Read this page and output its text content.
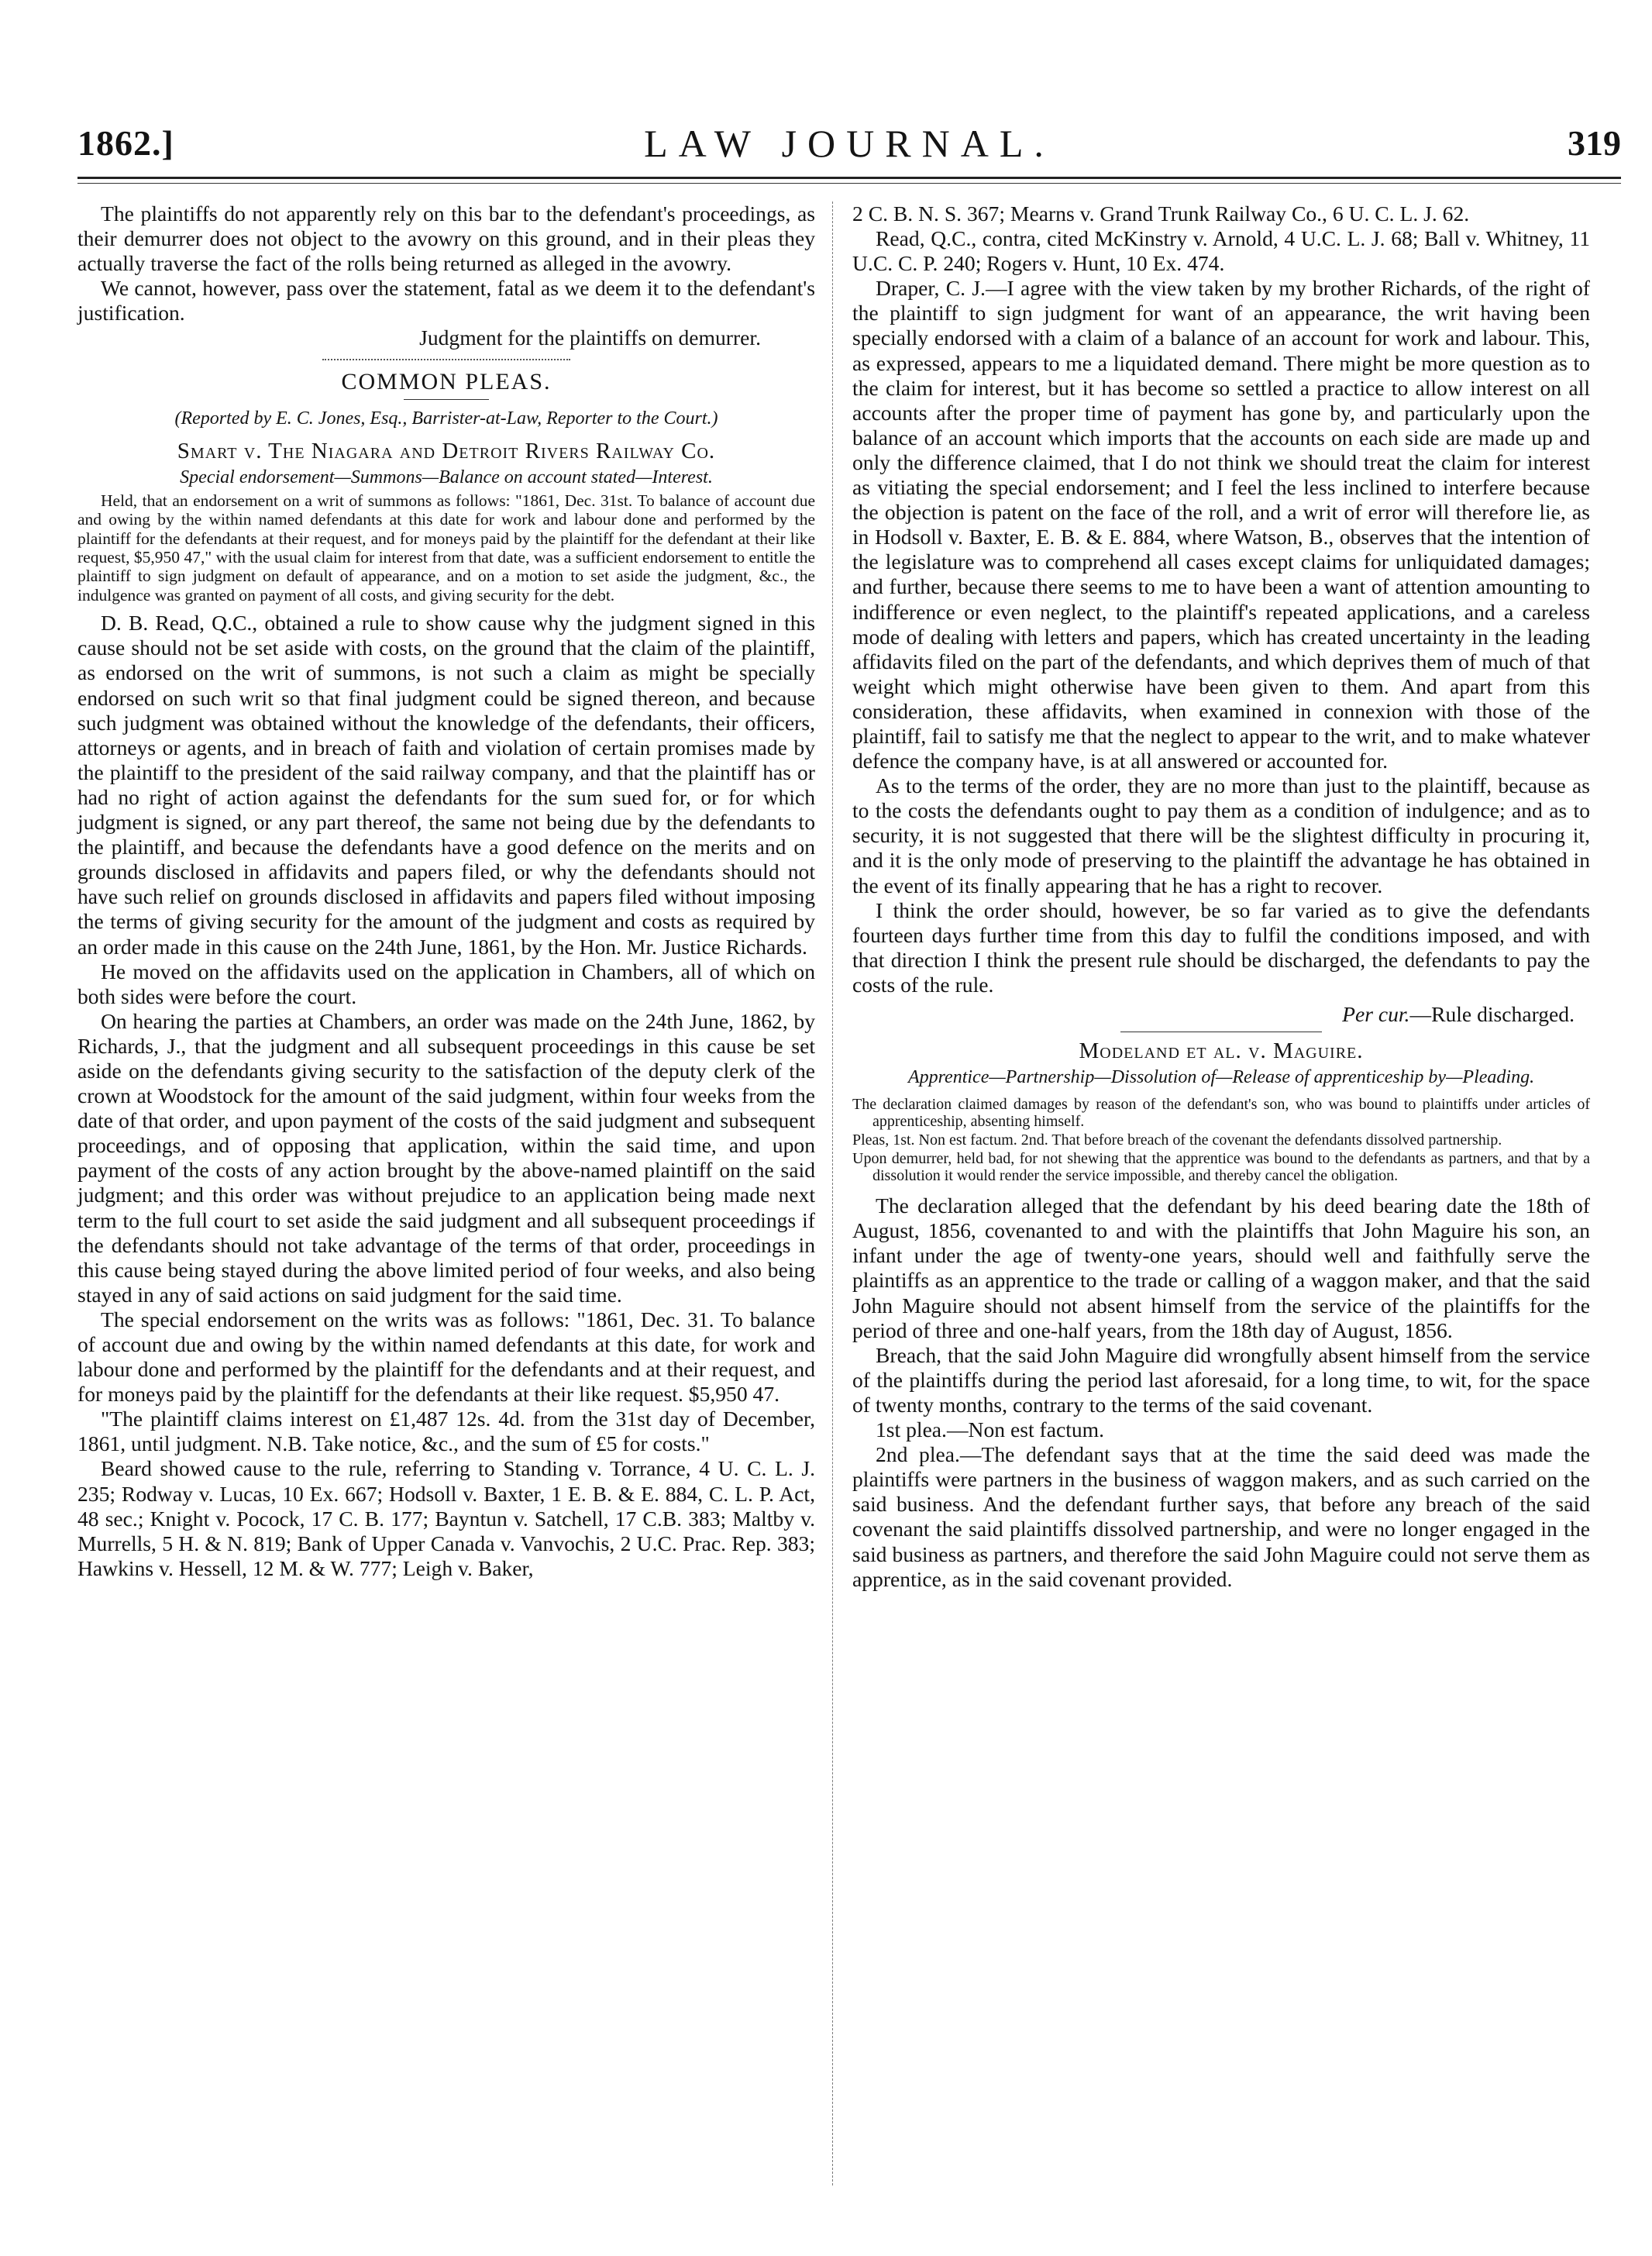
1862.]	LAW JOURNAL.	319

The plaintiffs do not apparently rely on this bar to the defendant's proceedings, as their demurrer does not object to the avowry on this ground, and in their pleas they actually traverse the fact of the rolls being returned as alleged in the avowry.

We cannot, however, pass over the statement, fatal as we deem it to the defendant's justification.

Judgment for the plaintiffs on demurrer.

COMMON PLEAS.
(Reported by E. C. Jones, Esq., Barrister-at-Law, Reporter to the Court.)
Smart v. The Niagara and Detroit Rivers Railway Co.
Special endorsement—Summons—Balance on account stated—Interest.

Held, that an endorsement on a writ of summons as follows: "1861, Dec. 31st. To balance of account due and owing by the within named defendants at this date for work and labour done and performed by the plaintiff for the defendants at their request, and for moneys paid by the plaintiff for the defendant at their like request, $5,950 47," with the usual claim for interest from that date, was a sufficient endorsement to entitle the plaintiff to sign judgment on default of appearance, and on a motion to set aside the judgment, &c., the indulgence was granted on payment of all costs, and giving security for the debt.

D. B. Read, Q.C., obtained a rule to show cause why the judgment signed in this cause should not be set aside with costs, on the ground that the claim of the plaintiff, as endorsed on the writ of summons, is not such a claim as might be specially endorsed on such writ so that final judgment could be signed thereon, and because such judgment was obtained without the knowledge of the defendants, their officers, attorneys or agents, and in breach of faith and violation of certain promises made by the plaintiff to the president of the said railway company, and that the plaintiff has or had no right of action against the defendants for the sum sued for, or for which judgment is signed, or any part thereof, the same not being due by the defendants to the plaintiff, and because the defendants have a good defence on the merits and on grounds disclosed in affidavits and papers filed, or why the defendants should not have such relief on grounds disclosed in affidavits and papers filed without imposing the terms of giving security for the amount of the judgment and costs as required by an order made in this cause on the 24th June, 1861, by the Hon. Mr. Justice Richards.

He moved on the affidavits used on the application in Chambers, all of which on both sides were before the court.

On hearing the parties at Chambers, an order was made on the 24th June, 1862, by Richards, J., that the judgment and all subsequent proceedings in this cause be set aside on the defendants giving security to the satisfaction of the deputy clerk of the crown at Woodstock for the amount of the said judgment, within four weeks from the date of that order, and upon payment of the costs of the said judgment and subsequent proceedings, and of opposing that application, within the said time, and upon payment of the costs of any action brought by the above-named plaintiff on the said judgment; and this order was without prejudice to an application being made next term to the full court to set aside the said judgment and all subsequent proceedings if the defendants should not take advantage of the terms of that order, proceedings in this cause being stayed during the above limited period of four weeks, and also being stayed in any of said actions on said judgment for the said time.

The special endorsement on the writs was as follows: "1861, Dec. 31. To balance of account due and owing by the within named defendants at this date, for work and labour done and performed by the plaintiff for the defendants and at their request, and for moneys paid by the plaintiff for the defendants at their like request. $5,950 47.

"The plaintiff claims interest on £1,487 12s. 4d. from the 31st day of December, 1861, until judgment. N.B. Take notice, &c., and the sum of £5 for costs."

Beard showed cause to the rule, referring to Standing v. Torrance, 4 U. C. L. J. 235; Rodway v. Lucas, 10 Ex. 667; Hodsoll v. Baxter, 1 E. B. & E. 884, C. L. P. Act, 48 sec.; Knight v. Pocock, 17 C. B. 177; Bayntun v. Satchell, 17 C.B. 383; Maltby v. Murrells, 5 H. & N. 819; Bank of Upper Canada v. Vanvochis, 2 U.C. Prac. Rep. 383; Hawkins v. Hessell, 12 M. & W. 777; Leigh v. Baker,

2 C. B. N. S. 367; Mearns v. Grand Trunk Railway Co., 6 U. C. L. J. 62.

Read, Q.C., contra, cited McKinstry v. Arnold, 4 U.C. L. J. 68; Ball v. Whitney, 11 U.C. C. P. 240; Rogers v. Hunt, 10 Ex. 474.

Draper, C. J.—I agree with the view taken by my brother Richards, of the right of the plaintiff to sign judgment for want of an appearance, the writ having been specially endorsed with a claim of a balance of an account for work and labour. This, as expressed, appears to me a liquidated demand. There might be more question as to the claim for interest, but it has become so settled a practice to allow interest on all accounts after the proper time of payment has gone by, and particularly upon the balance of an account which imports that the accounts on each side are made up and only the difference claimed, that I do not think we should treat the claim for interest as vitiating the special endorsement; and I feel the less inclined to interfere because the objection is patent on the face of the roll, and a writ of error will therefore lie, as in Hodsoll v. Baxter, E. B. & E. 884, where Watson, B., observes that the intention of the legislature was to comprehend all cases except claims for unliquidated damages; and further, because there seems to me to have been a want of attention amounting to indifference or even neglect, to the plaintiff's repeated applications, and a careless mode of dealing with letters and papers, which has created uncertainty in the leading affidavits filed on the part of the defendants, and which deprives them of much of that weight which might otherwise have been given to them. And apart from this consideration, these affidavits, when examined in connexion with those of the plaintiff, fail to satisfy me that the neglect to appear to the writ, and to make whatever defence the company have, is at all answered or accounted for.

As to the terms of the order, they are no more than just to the plaintiff, because as to the costs the defendants ought to pay them as a condition of indulgence; and as to security, it is not suggested that there will be the slightest difficulty in procuring it, and it is the only mode of preserving to the plaintiff the advantage he has obtained in the event of its finally appearing that he has a right to recover.

I think the order should, however, be so far varied as to give the defendants fourteen days further time from this day to fulfil the conditions imposed, and with that direction I think the present rule should be discharged, the defendants to pay the costs of the rule.

Per cur.—Rule discharged.

Modeland et al. v. Maguire.
Apprentice—Partnership—Dissolution of—Release of apprenticeship by—Pleading.

The declaration claimed damages by reason of the defendant's son, who was bound to plaintiffs under articles of apprenticeship, absenting himself.

Pleas, 1st. Non est factum. 2nd. That before breach of the covenant the defendants dissolved partnership.

Upon demurrer, held bad, for not shewing that the apprentice was bound to the defendants as partners, and that by a dissolution it would render the service impossible, and thereby cancel the obligation.

The declaration alleged that the defendant by his deed bearing date the 18th of August, 1856, covenanted to and with the plaintiffs that John Maguire his son, an infant under the age of twenty-one years, should well and faithfully serve the plaintiffs as an apprentice to the trade or calling of a waggon maker, and that the said John Maguire should not absent himself from the service of the plaintiffs for the period of three and one-half years, from the 18th day of August, 1856.

Breach, that the said John Maguire did wrongfully absent himself from the service of the plaintiffs during the period last aforesaid, for a long time, to wit, for the space of twenty months, contrary to the terms of the said covenant.

1st plea.—Non est factum.

2nd plea.—The defendant says that at the time the said deed was made the plaintiffs were partners in the business of waggon makers, and as such carried on the said business. And the defendant further says, that before any breach of the said covenant the said plaintiffs dissolved partnership, and were no longer engaged in the said business as partners, and therefore the said John Maguire could not serve them as apprentice, as in the said covenant provided.
